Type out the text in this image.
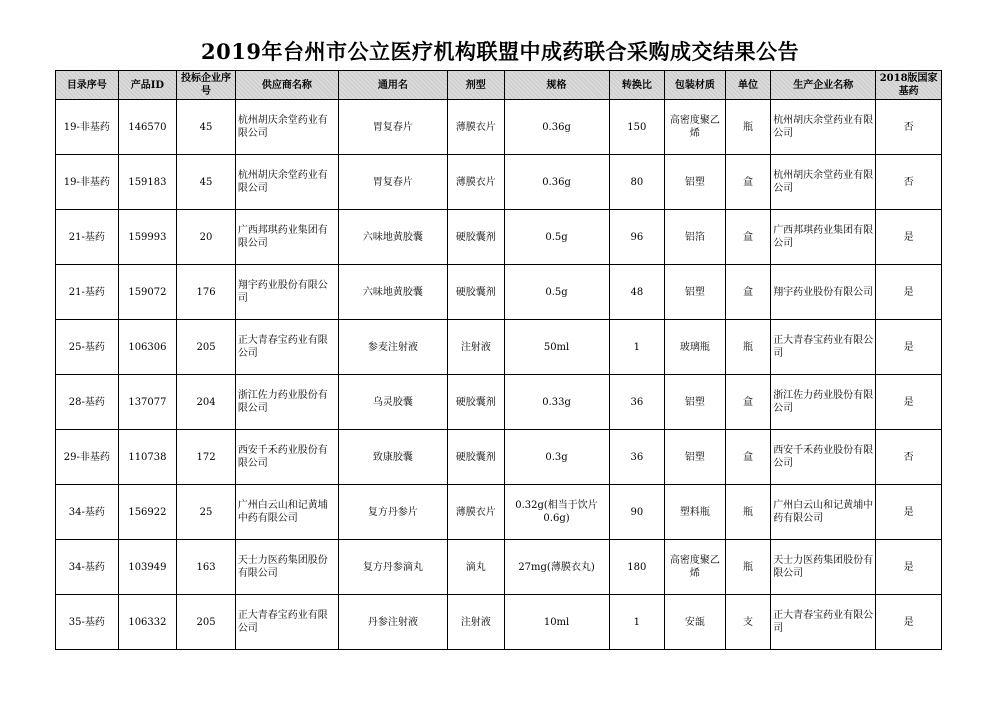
2019年台州市公立医疗机构联盟中成药联合采购成交结果公告
目录序号	产品ID	投标企业序号	供应商名称	通用名	剂型	规格	转换比	包装材质	单位	生产企业名称	2018版国家基药
19-非基药	146570	45	杭州胡庆余堂药业有限公司	胃复春片	薄膜衣片	0.36g	150	高密度聚乙烯	瓶	杭州胡庆余堂药业有限公司	否
19-非基药	159183	45	杭州胡庆余堂药业有限公司	胃复春片	薄膜衣片	0.36g	80	铝塑	盒	杭州胡庆余堂药业有限公司	否
21-基药	159993	20	广西邦琪药业集团有限公司	六味地黄胶囊	硬胶囊剂	0.5g	96	铝箔	盒	广西邦琪药业集团有限公司	是
21-基药	159072	176	翔宇药业股份有限公司	六味地黄胶囊	硬胶囊剂	0.5g	48	铝塑	盒	翔宇药业股份有限公司	是
25-基药	106306	205	正大青春宝药业有限公司	参麦注射液	注射液	50ml	1	玻璃瓶	瓶	正大青春宝药业有限公司	是
28-基药	137077	204	浙江佐力药业股份有限公司	乌灵胶囊	硬胶囊剂	0.33g	36	铝塑	盒	浙江佐力药业股份有限公司	是
29-非基药	110738	172	西安千禾药业股份有限公司	致康胶囊	硬胶囊剂	0.3g	36	铝塑	盒	西安千禾药业股份有限公司	否
34-基药	156922	25	广州白云山和记黄埔中药有限公司	复方丹参片	薄膜衣片	0.32g(相当于饮片0.6g)	90	塑料瓶	瓶	广州白云山和记黄埔中药有限公司	是
34-基药	103949	163	天士力医药集团股份有限公司	复方丹参滴丸	滴丸	27mg(薄膜衣丸)	180	高密度聚乙烯	瓶	天士力医药集团股份有限公司	是
35-基药	106332	205	正大青春宝药业有限公司	丹参注射液	注射液	10ml	1	安瓿	支	正大青春宝药业有限公司	是
